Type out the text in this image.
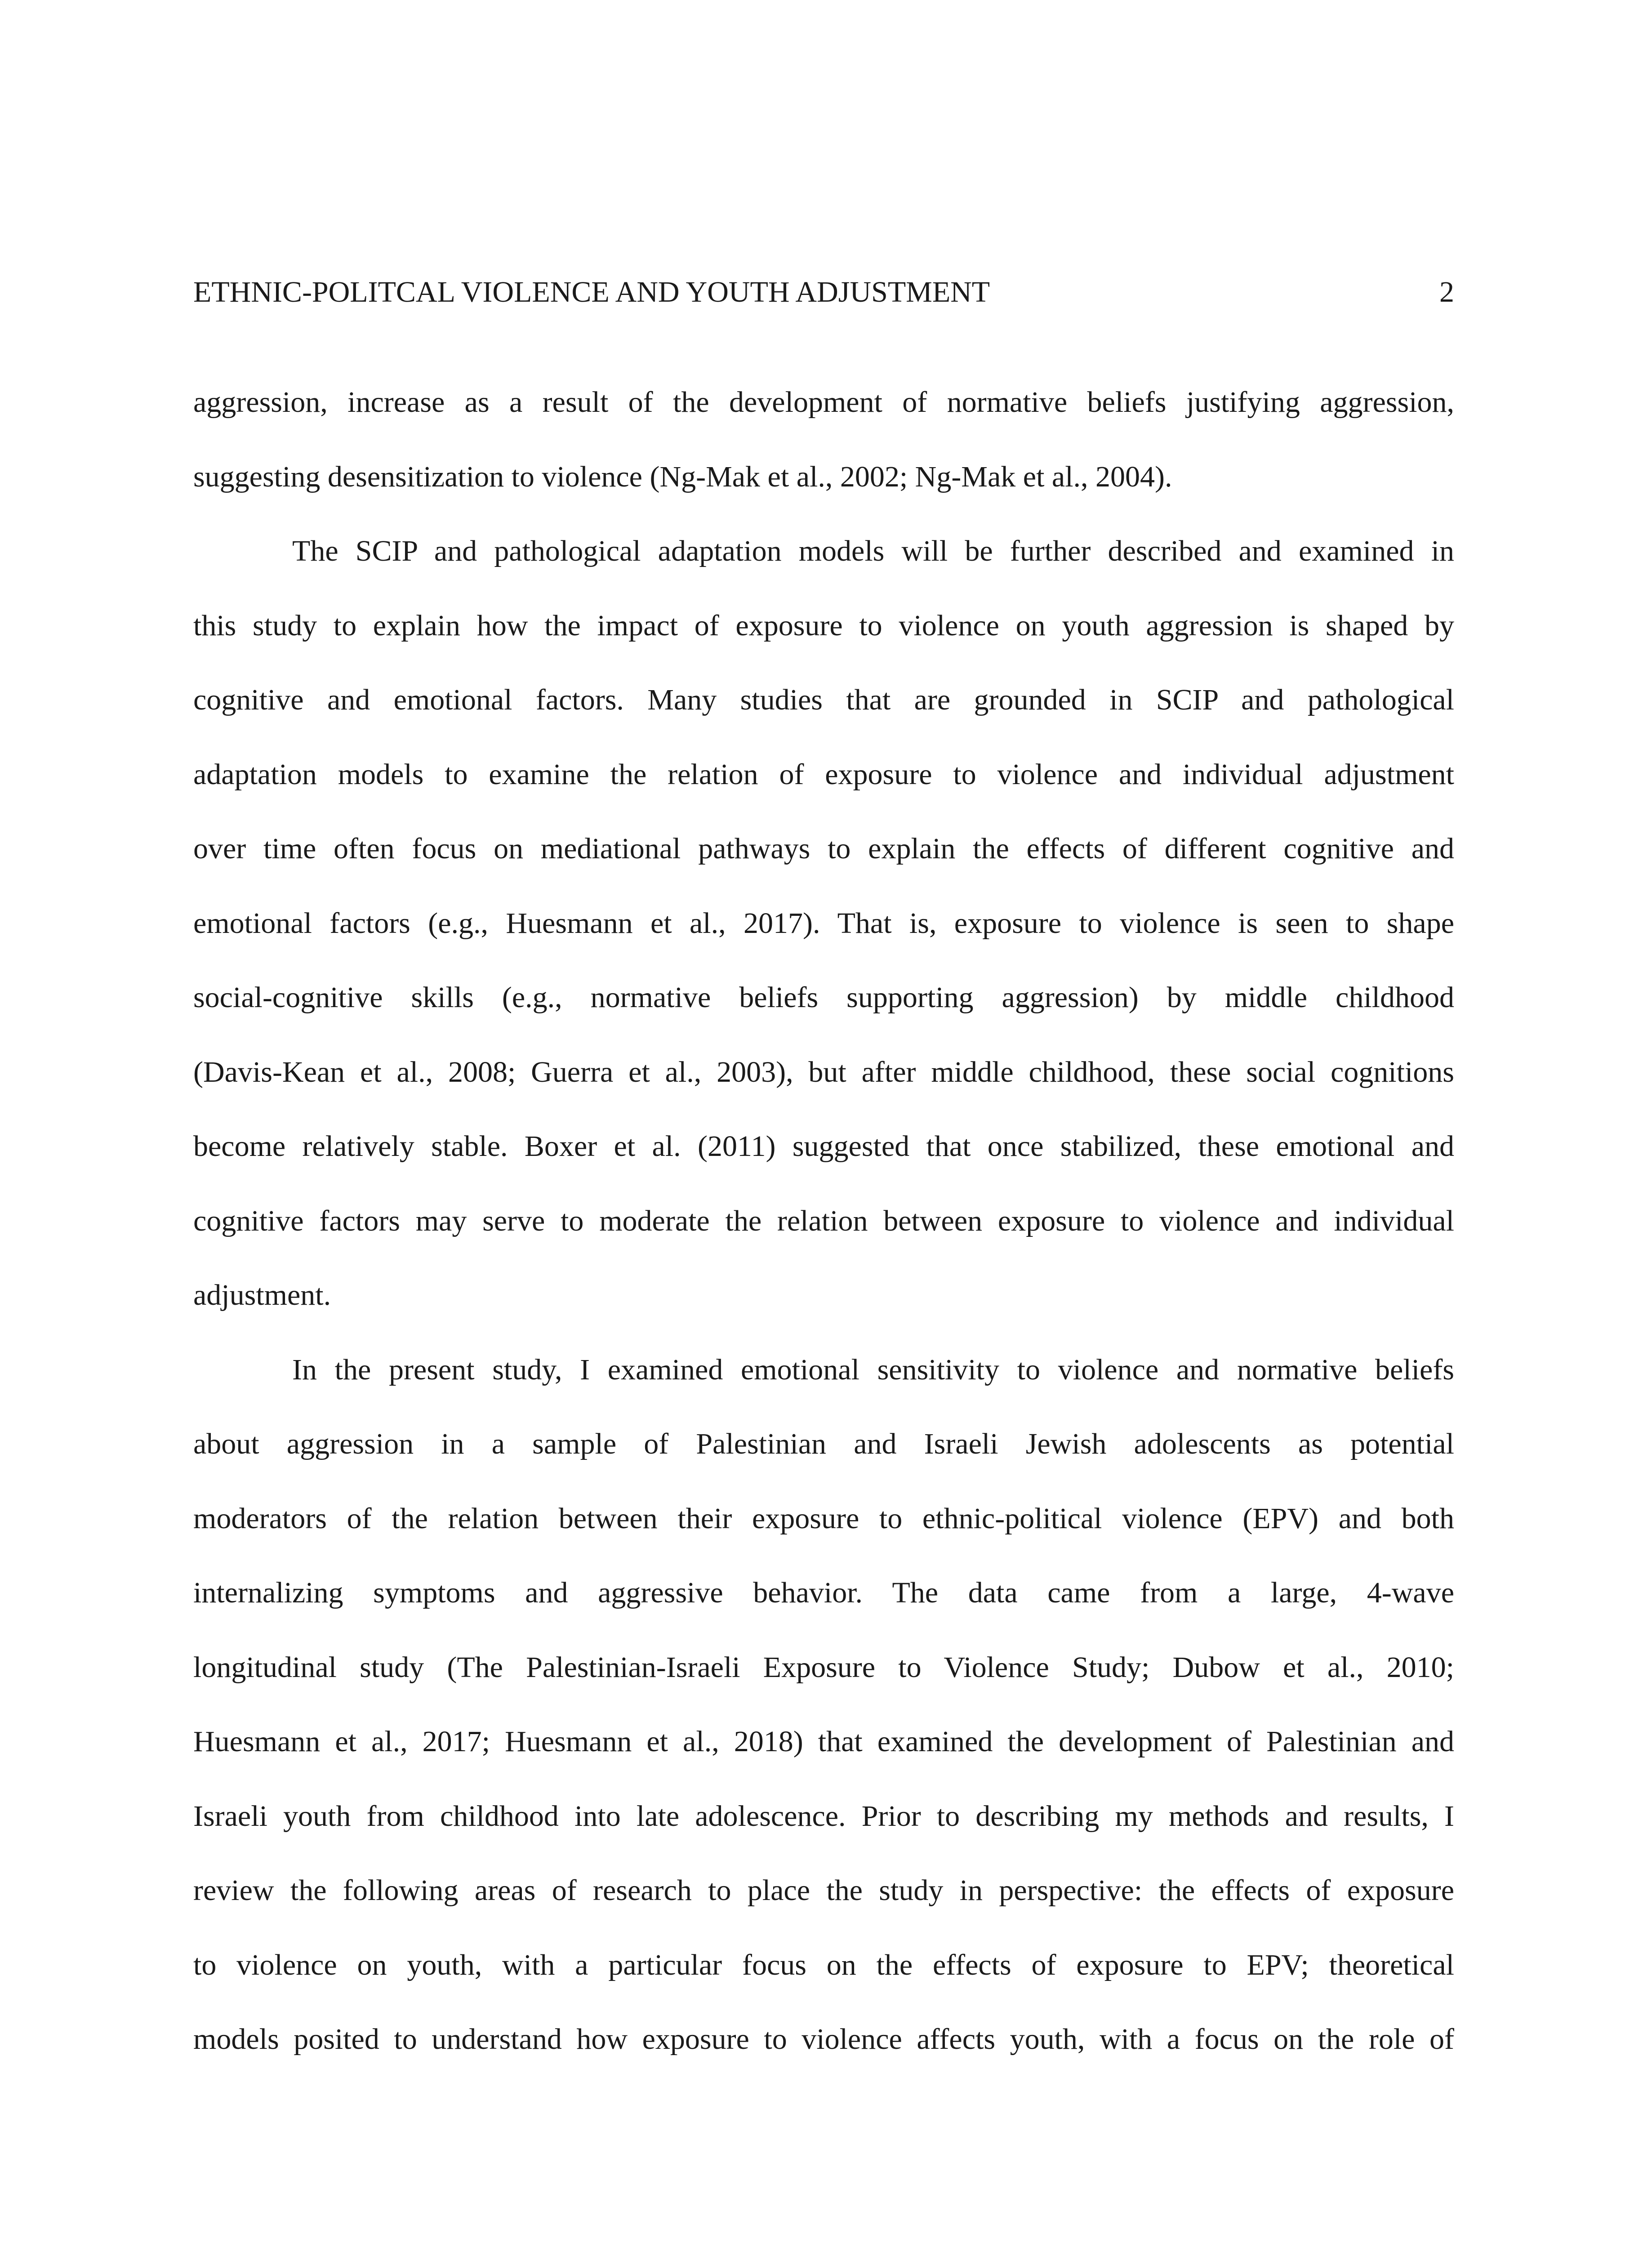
ETHNIC-POLITCAL VIOLENCE AND YOUTH ADJUSTMENT	2
aggression, increase as a result of the development of normative beliefs justifying aggression,
suggesting desensitization to violence (Ng-Mak et al., 2002; Ng-Mak et al., 2004).
The SCIP and pathological adaptation models will be further described and examined in
this study to explain how the impact of exposure to violence on youth aggression is shaped by
cognitive and emotional factors. Many studies that are grounded in SCIP and pathological
adaptation models to examine the relation of exposure to violence and individual adjustment
over time often focus on mediational pathways to explain the effects of different cognitive and
emotional factors (e.g., Huesmann et al., 2017). That is, exposure to violence is seen to shape
social-cognitive skills (e.g., normative beliefs supporting aggression) by middle childhood
(Davis-Kean et al., 2008; Guerra et al., 2003), but after middle childhood, these social cognitions
become relatively stable. Boxer et al. (2011) suggested that once stabilized, these emotional and
cognitive factors may serve to moderate the relation between exposure to violence and individual
adjustment.
In the present study, I examined emotional sensitivity to violence and normative beliefs
about aggression in a sample of Palestinian and Israeli Jewish adolescents as potential
moderators of the relation between their exposure to ethnic-political violence (EPV) and both
internalizing symptoms and aggressive behavior. The data came from a large, 4-wave
longitudinal study (The Palestinian-Israeli Exposure to Violence Study; Dubow et al., 2010;
Huesmann et al., 2017; Huesmann et al., 2018) that examined the development of Palestinian and
Israeli youth from childhood into late adolescence. Prior to describing my methods and results, I
review the following areas of research to place the study in perspective: the effects of exposure
to violence on youth, with a particular focus on the effects of exposure to EPV; theoretical
models posited to understand how exposure to violence affects youth, with a focus on the role of
